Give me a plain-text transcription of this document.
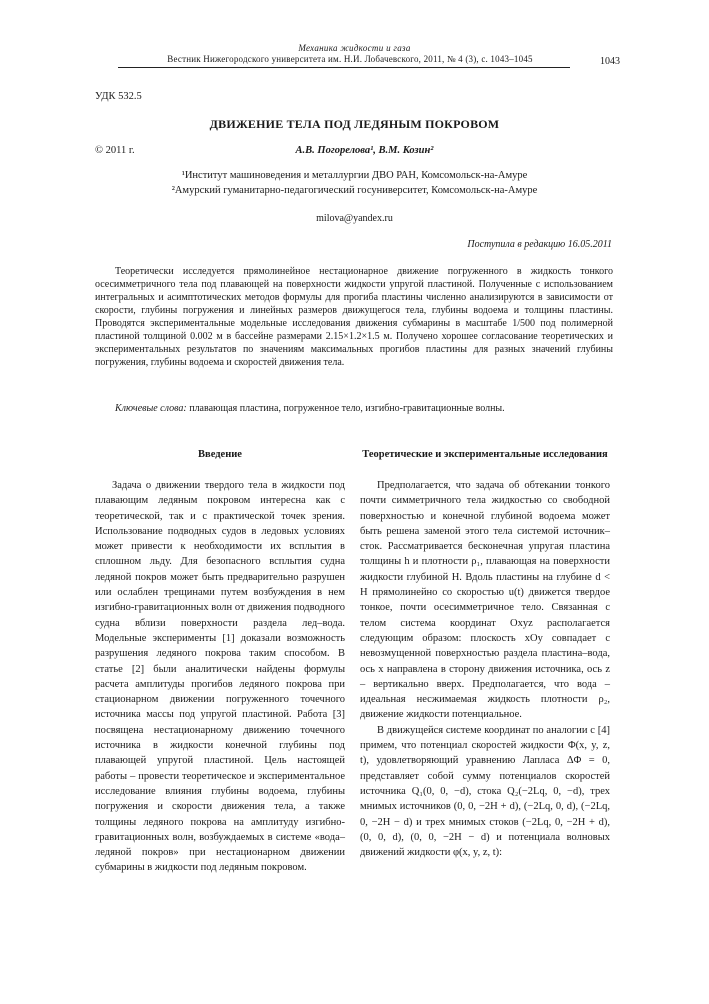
Механика жидкости и газа
Вестник Нижегородского университета им. Н.И. Лобачевского, 2011, № 4 (3), с. 1043–1045	1043
УДК 532.5
ДВИЖЕНИЕ ТЕЛА ПОД ЛЕДЯНЫМ ПОКРОВОМ
© 2011 г.	А.В. Погорелова¹, В.М. Козин²
¹Институт машиноведения и металлургии ДВО РАН, Комсомольск-на-Амуре
²Амурский гуманитарно-педагогический госуниверситет, Комсомольск-на-Амуре
milova@yandex.ru
Поступила в редакцию 16.05.2011
Теоретически исследуется прямолинейное нестационарное движение погруженного в жидкость тонкого осесимметричного тела под плавающей на поверхности жидкости упругой пластиной. Полученные с использованием интегральных и асимптотических методов формулы для прогиба пластины численно анализируются в зависимости от скорости, глубины погружения и линейных размеров движущегося тела, глубины водоема и толщины пластины. Проводятся экспериментальные модельные исследования движения субмарины в масштабе 1/500 под полимерной пластиной толщиной 0.002 м в бассейне размерами 2.15×1.2×1.5 м. Получено хорошее согласование теоретических и экспериментальных результатов по значениям максимальных прогибов пластины для разных значений глубины погружения, глубины водоема и скоростей движения тела.
Ключевые слова: плавающая пластина, погруженное тело, изгибно-гравитационные волны.
Введение

Задача о движении твердого тела в жидкости под плавающим ледяным покровом интересна как с теоретической, так и с практической точек зрения. Использование подводных судов в ледовых условиях может привести к необходимости их всплытия в сплошном льду. Для безопасного всплытия судна ледяной покров может быть предварительно разрушен или ослаблен трещинами путем возбуждения в нем изгибно-гравитационных волн от движения подводного судна вблизи поверхности раздела лед–вода. Модельные эксперименты [1] доказали возможность разрушения ледяного покрова таким способом. В статье [2] были аналитически найдены формулы расчета амплитуды прогибов ледяного покрова при стационарном движении погруженного точечного источника массы под упругой пластиной. Работа [3] посвящена нестационарному движению точечного источника в жидкости конечной глубины под плавающей упругой пластиной. Цель настоящей работы – провести теоретическое и экспериментальное исследование влияния глубины водоема, глубины погружения и скорости движения тела, а также толщины ледяного покрова на амплитуду изгибно-гравитационных волн, возбуждаемых в системе «вода–ледяной покров» при нестационарном движении субмарины в жидкости под ледяным покровом.

Теоретические и экспериментальные исследования

Предполагается, что задача об обтекании тонкого почти симметричного тела жидкостью со свободной поверхностью и конечной глубиной водоема может быть решена заменой этого тела системой источник–сток. Рассматривается бесконечная упругая пластина толщины h и плотности ρ₁, плавающая на поверхности жидкости глубиной H. Вдоль пластины на глубине d < H прямолинейно со скоростью u(t) движется твердое тонкое, почти осесимметричное тело. Связанная с телом система координат Oxyz располагается следующим образом: плоскость xOy совпадает с невозмущенной поверхностью раздела пластина–вода, ось x направлена в сторону движения источника, ось z – вертикально вверх. Предполагается, что вода – идеальная несжимаемая жидкость плотности ρ₂, движение жидкости потенциальное.

В движущейся системе координат по аналогии с [4] примем, что потенциал скоростей жидкости Φ(x, y, z, t), удовлетворяющий уравнению Лапласа ΔΦ = 0, представляет собой сумму потенциалов скоростей источника Q₁(0, 0, −d), стока Q₂(−2Lq, 0, −d), трех мнимых источников (0, 0, −2H + d), (−2Lq, 0, d), (−2Lq, 0, −2H − d) и трех мнимых стоков (−2Lq, 0, −2H + d), (0, 0, d), (0, 0, −2H − d) и потенциала волновых движений жидкости φ(x, y, z, t):
